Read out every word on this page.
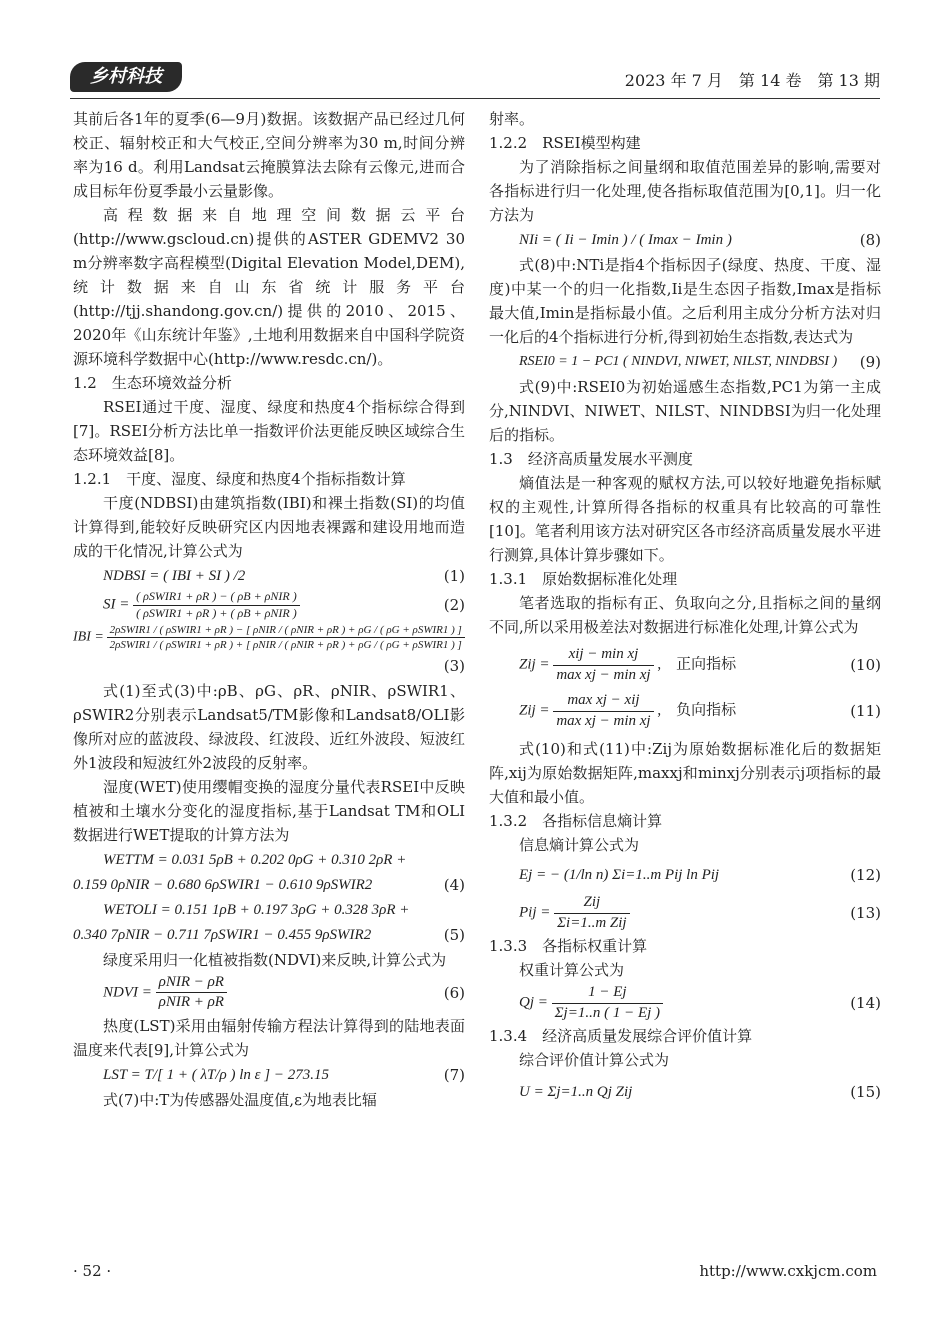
乡村科技	2023 年 7 月　第 14 卷　第 13 期

其前后各1年的夏季(6—9月)数据。该数据产品已经过几何校正、辐射校正和大气校正,空间分辨率为30 m,时间分辨率为16 d。利用Landsat云掩膜算法去除有云像元,进而合成目标年份夏季最小云量影像。

高程数据来自地理空间数据云平台(http://www.gscloud.cn)提供的ASTER GDEMV2 30 m分辨率数字高程模型(Digital Elevation Model,DEM),统计数据来自山东省统计服务平台(http://tjj.shandong.gov.cn/)提供的2010、2015、2020年《山东统计年鉴》,土地利用数据来自中国科学院资源环境科学数据中心(http://www.resdc.cn/)。

1.2　生态环境效益分析

RSEI通过干度、湿度、绿度和热度4个指标综合得到[7]。RSEI分析方法比单一指数评价法更能反映区域综合生态环境效益[8]。

1.2.1　干度、湿度、绿度和热度4个指标指数计算

干度(NDBSI)由建筑指数(IBI)和裸土指数(SI)的均值计算得到,能较好反映研究区内因地表裸露和建设用地而造成的干化情况,计算公式为

NDBSI = ( IBI + SI ) /2	(1)
SI = $\frac{\text{( ρSWIR1 + ρR ) − ( ρB + ρNIR )}}{\text{( ρSWIR1 + ρR ) + ( ρB + ρNIR )}}$	(2)
IBI = 2ρSWIR1 / ( ρSWIR1 + ρR ) − [ ρNIR / ( ρNIR + ρR ) + ρG / ( ρG + ρSWIR1 ) ]
2ρSWIR1 / ( ρSWIR1 + ρR ) + [ ρNIR / ( ρNIR + ρR ) + ρG / ( ρG + ρSWIR1 ) ]
(3)

式(1)至式(3)中:ρB、ρG、ρR、ρNIR、ρSWIR1、ρSWIR2分别表示Landsat5/TM影像和Landsat8/OLI影像所对应的蓝波段、绿波段、红波段、近红外波段、短波红外1波段和短波红外2波段的反射率。

湿度(WET)使用缨帽变换的湿度分量代表RSEI中反映植被和土壤水分变化的湿度指标,基于Landsat TM和OLI数据进行WET提取的计算方法为

WETTM = 0.031 5ρB + 0.202 0ρG + 0.310 2ρR +
0.159 0ρNIR − 0.680 6ρSWIR1 − 0.610 9ρSWIR2	(4)
WETOLI = 0.151 1ρB + 0.197 3ρG + 0.328 3ρR +
0.340 7ρNIR − 0.711 7ρSWIR1 − 0.455 9ρSWIR2	(5)

绿度采用归一化植被指数(NDVI)来反映,计算公式为

NDVI = $\frac{\text{ρNIR − ρR}}{\text{ρNIR + ρR}}$	(6)

热度(LST)采用由辐射传输方程法计算得到的陆地表面温度来代表[9],计算公式为

LST = T/[ 1 + ( λT/ρ ) ln ε ] − 273.15	(7)

式(7)中:T为传感器处温度值,ε为地表比辐

射率。

1.2.2　RSEI模型构建

为了消除指标之间量纲和取值范围差异的影响,需要对各指标进行归一化处理,使各指标取值范围为[0,1]。归一化方法为

NIi = ( Ii − Imin ) / ( Imax − Imin )	(8)

式(8)中:NTi是指4个指标因子(绿度、热度、干度、湿度)中某一个的归一化指数,Ii是生态因子指数,Imax是指标最大值,Imin是指标最小值。之后利用主成分分析方法对归一化后的4个指标进行分析,得到初始生态指数,表达式为

RSEI0 = 1 − PC1 ( NINDVI, NIWET, NILST, NINDBSI ) (9)

式(9)中:RSEI0为初始遥感生态指数,PC1为第一主成分,NINDVI、NIWET、NILST、NINDBSI为归一化处理后的指标。

1.3　经济高质量发展水平测度

熵值法是一种客观的赋权方法,可以较好地避免指标赋权的主观性,计算所得各指标的权重具有比较高的可靠性[10]。笔者利用该方法对研究区各市经济高质量发展水平进行测算,具体计算步骤如下。

1.3.1　原始数据标准化处理

笔者选取的指标有正、负取向之分,且指标之间的量纲不同,所以采用极差法对数据进行标准化处理,计算公式为

Zij = $\frac{\text{xij − min xj}}{\text{max xj − min xj}}$ ,　正向指标	(10)
Zij = $\frac{\text{max xj − xij}}{\text{max xj − min xj}}$ ,　负向指标	(11)

式(10)和式(11)中:Zij为原始数据标准化后的数据矩阵,xij为原始数据矩阵,maxxj和minxj分别表示j项指标的最大值和最小值。

1.3.2　各指标信息熵计算

信息熵计算公式为

Ej = − (1/ln n) Σi=1..m Pij ln Pij	(12)
Pij = $\frac{\text{Zij}}{\text{Σi=1..m Zij}}$	(13)

1.3.3　各指标权重计算

权重计算公式为

$Qj = \frac{1 - Ej}{\Sigma j=1..n ( 1 - Ej )}$	(14)

1.3.4　经济高质量发展综合评价值计算

综合评价值计算公式为

U = Σj=1..n Qj Zij	(15)
· 52 ·	http://www.cxkjcm.com
